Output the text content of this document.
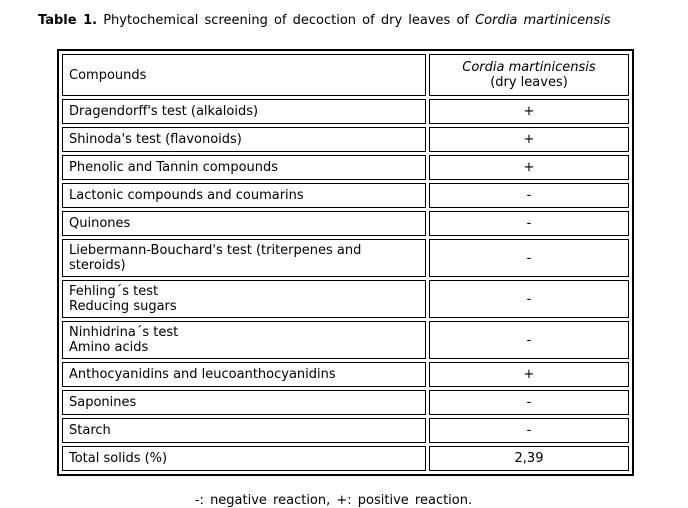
Table 1. Phytochemical screening of decoction of dry leaves of Cordia martinicensis
Compounds	Cordia martinicensis
(dry leaves)
Dragendorff's test (alkaloids)	+
Shinoda's test (flavonoids)	+
Phenolic and Tannin compounds	+
Lactonic compounds and coumarins	-
Quinones	-
Liebermann-Bouchard's test (triterpenes and steroids)	-
Fehling´s test
Reducing sugars	-
Ninhidrina´s test
Amino acids	-
Anthocyanidins and leucoanthocyanidins	+
Saponines	-
Starch	-
Total solids (%)	2,39
-: negative reaction, +: positive reaction.
